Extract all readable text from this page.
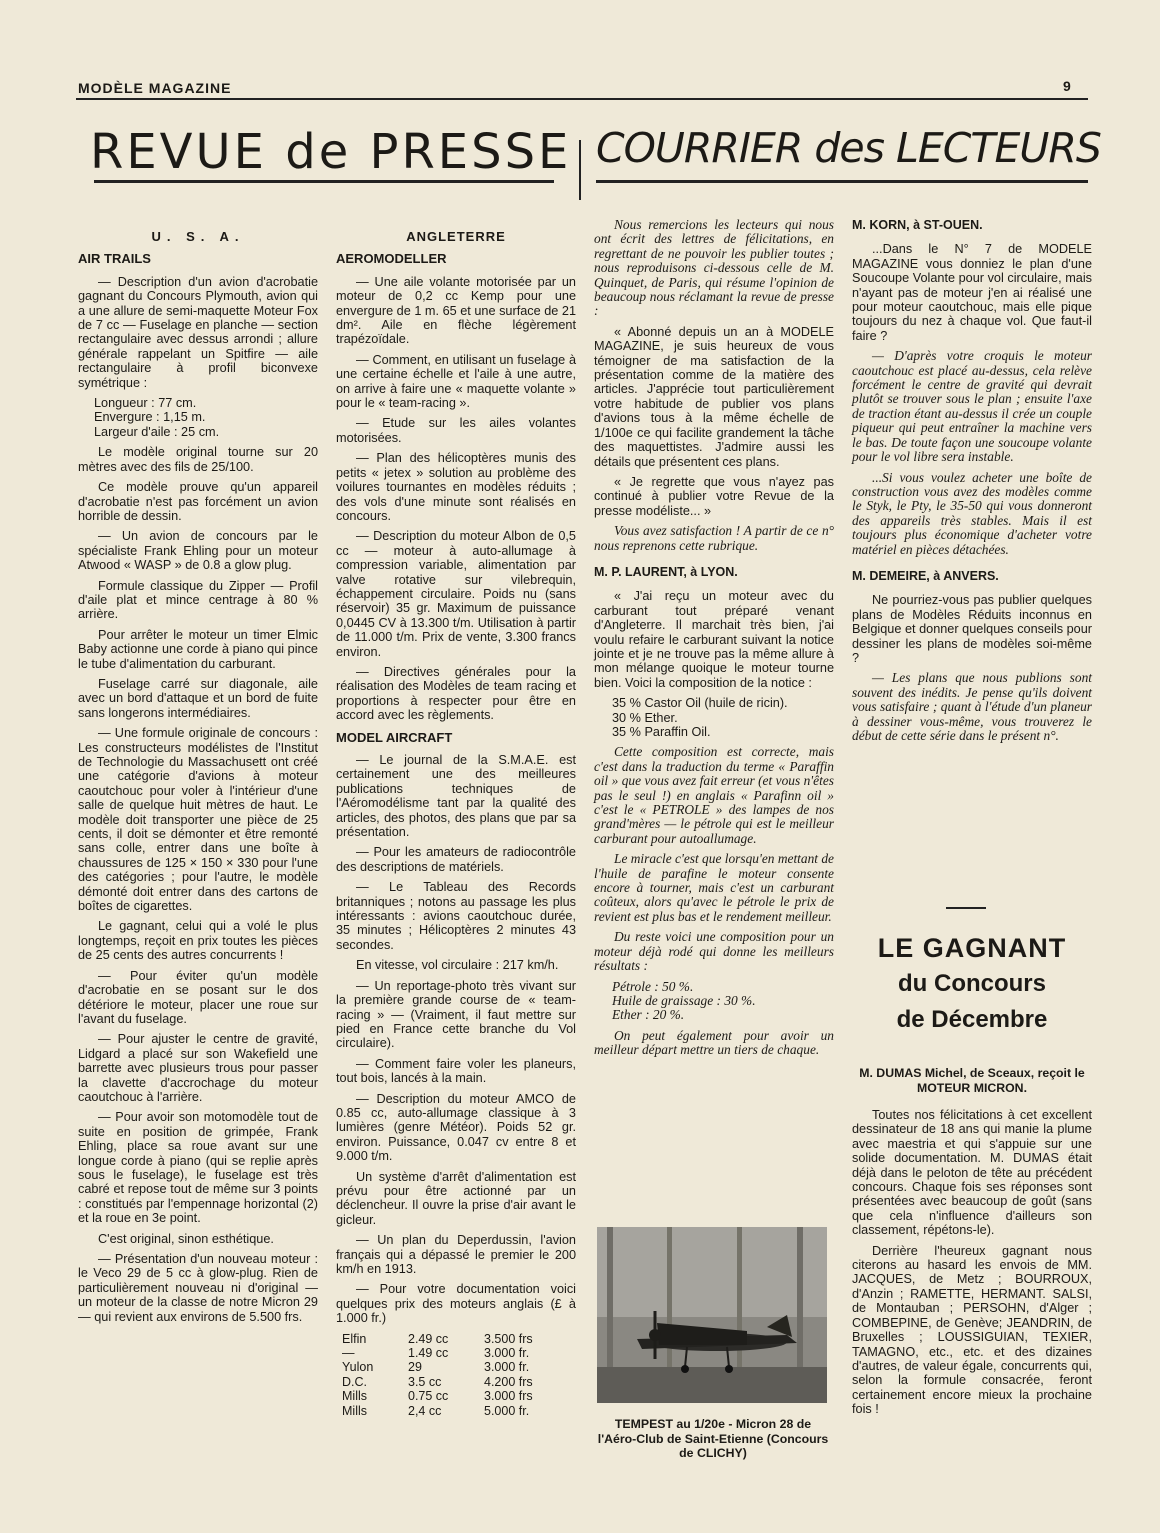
MODÈLE MAGAZINE	9
REVUE de PRESSE COURRIER des LECTEURS
U. S. A.
AIR TRAILS

— Description d'un avion d'acrobatie gagnant du Concours Plymouth, avion qui a une allure de semi-maquette Moteur Fox de 7 cc — Fuselage en planche — section rectangulaire avec dessus arrondi ; allure générale rappelant un Spitfire — aile rectangulaire à profil biconvexe symétrique :

Longueur : 77 cm.
Envergure : 1,15 m.
Largeur d'aile : 25 cm.

Le modèle original tourne sur 20 mètres avec des fils de 25/100.

Ce modèle prouve qu'un appareil d'acrobatie n'est pas forcément un avion horrible de dessin.

— Un avion de concours par le spécialiste Frank Ehling pour un moteur Atwood « WASP » de 0.8 a glow plug.

Formule classique du Zipper — Profil d'aile plat et mince centrage à 80 % arrière.

Pour arrêter le moteur un timer Elmic Baby actionne une corde à piano qui pince le tube d'alimentation du carburant.

Fuselage carré sur diagonale, aile avec un bord d'attaque et un bord de fuite sans longerons intermédiaires.

— Une formule originale de concours : Les constructeurs modélistes de l'Institut de Technologie du Massachusett ont créé une catégorie d'avions à moteur caoutchouc pour voler à l'intérieur d'une salle de quelque huit mètres de haut. Le modèle doit transporter une pièce de 25 cents, il doit se démonter et être remonté sans colle, entrer dans une boîte à chaussures de 125 × 150 × 330 pour l'une des catégories ; pour l'autre, le modèle démonté doit entrer dans des cartons de boîtes de cigarettes.

Le gagnant, celui qui a volé le plus longtemps, reçoit en prix toutes les pièces de 25 cents des autres concurrents !

— Pour éviter qu'un modèle d'acrobatie en se posant sur le dos détériore le moteur, placer une roue sur l'avant du fuselage.

— Pour ajuster le centre de gravité, Lidgard a placé sur son Wakefield une barrette avec plusieurs trous pour passer la clavette d'accrochage du moteur caoutchouc à l'arrière.

— Pour avoir son motomodèle tout de suite en position de grimpée, Frank Ehling, place sa roue avant sur une longue corde à piano (qui se replie après sous le fuselage), le fuselage est très cabré et repose tout de même sur 3 points : constitués par l'empennage horizontal (2) et la roue en 3e point.

C'est original, sinon esthétique.

— Présentation d'un nouveau moteur : le Veco 29 de 5 cc à glow-plug. Rien de particulièrement nouveau ni d'original — un moteur de la classe de notre Micron 29 — qui revient aux environs de 5.500 frs.

ANGLETERRE
AEROMODELLER

— Une aile volante motorisée par un moteur de 0,2 cc Kemp pour une envergure de 1 m. 65 et une surface de 21 dm². Aile en flèche légèrement trapézoïdale.

— Comment, en utilisant un fuselage à une certaine échelle et l'aile à une autre, on arrive à faire une « maquette volante » pour le « team-racing ».

— Etude sur les ailes volantes motorisées.

— Plan des hélicoptères munis des petits « jetex » solution au problème des voilures tournantes en modèles réduits ; des vols d'une minute sont réalisés en concours.

— Description du moteur Albon de 0,5 cc — moteur à auto-allumage à compression variable, alimentation par valve rotative sur vilebrequin, échappement circulaire. Poids nu (sans réservoir) 35 gr. Maximum de puissance 0,0445 CV à 13.300 t/m. Utilisation à partir de 11.000 t/m. Prix de vente, 3.300 francs environ.

— Directives générales pour la réalisation des Modèles de team racing et proportions à respecter pour être en accord avec les règlements.

MODEL AIRCRAFT

— Le journal de la S.M.A.E. est certainement une des meilleures publications techniques de l'Aéromodélisme tant par la qualité des articles, des photos, des plans que par sa présentation.

— Pour les amateurs de radiocontrôle des descriptions de matériels.

— Le Tableau des Records britanniques ; notons au passage les plus intéressants : avions caoutchouc durée, 35 minutes ; Hélicoptères 2 minutes 43 secondes.

En vitesse, vol circulaire : 217 km/h.

— Un reportage-photo très vivant sur la première grande course de « team-racing » — (Vraiment, il faut mettre sur pied en France cette branche du Vol circulaire).

— Comment faire voler les planeurs, tout bois, lancés à la main.

— Description du moteur AMCO de 0.85 cc, auto-allumage classique à 3 lumières (genre Météor). Poids 52 gr. environ. Puissance, 0.047 cv entre 8 et 9.000 t/m.

Un système d'arrêt d'alimentation est prévu pour être actionné par un déclencheur. Il ouvre la prise d'air avant le gicleur.

— Un plan du Deperdussin, l'avion français qui a dépassé le premier le 200 km/h en 1913.

— Pour votre documentation voici quelques prix des moteurs anglais (£ à 1.000 fr.)

Elfin	2.49 cc	3.500 frs
—	1.49 cc	3.000 fr.
Yulon	29	3.000 fr.
D.C.	3.5 cc	4.200 frs
Mills	0.75 cc	3.000 frs
Mills	2,4 cc	5.000 fr.

Nous remercions les lecteurs qui nous ont écrit des lettres de félicitations, en regrettant de ne pouvoir les publier toutes ; nous reproduisons ci-dessous celle de M. Quinquet, de Paris, qui résume l'opinion de beaucoup nous réclamant la revue de presse :

« Abonné depuis un an à MODELE MAGAZINE, je suis heureux de vous témoigner de ma satisfaction de la présentation comme de la matière des articles. J'apprécie tout particulièrement votre habitude de publier vos plans d'avions tous à la même échelle de 1/100e ce qui facilite grandement la tâche des maquettistes. J'admire aussi les détails que présentent ces plans.

« Je regrette que vous n'ayez pas continué à publier votre Revue de la presse modéliste... »

Vous avez satisfaction ! A partir de ce n° nous reprenons cette rubrique.

M. P. LAURENT, à LYON.

« J'ai reçu un moteur avec du carburant tout préparé venant d'Angleterre. Il marchait très bien, j'ai voulu refaire le carburant suivant la notice jointe et je ne trouve pas la même allure à mon mélange quoique le moteur tourne bien. Voici la composition de la notice :

35 % Castor Oil (huile de ricin).
30 % Ether.
35 % Paraffin Oil.

Cette composition est correcte, mais c'est dans la traduction du terme « Paraffin oil » que vous avez fait erreur (et vous n'êtes pas le seul !) en anglais « Parafinn oil » c'est le « PETROLE » des lampes de nos grand'mères — le pétrole qui est le meilleur carburant pour autoallumage.

Le miracle c'est que lorsqu'en mettant de l'huile de parafine le moteur consente encore à tourner, mais c'est un carburant coûteux, alors qu'avec le pétrole le prix de revient est plus bas et le rendement meilleur.

Du reste voici une composition pour un moteur déjà rodé qui donne les meilleurs résultats :

Pétrole : 50 %.
Huile de graissage : 30 %.
Ether : 20 %.

On peut également pour avoir un meilleur départ mettre un tiers de chaque.

TEMPEST au 1/20e - Micron 28 de l'Aéro-Club de Saint-Etienne (Concours de CLICHY)
M. KORN, à ST-OUEN.

...Dans le N° 7 de MODELE MAGAZINE vous donniez le plan d'une Soucoupe Volante pour vol circulaire, mais n'ayant pas de moteur j'en ai réalisé une pour moteur caoutchouc, mais elle pique toujours du nez à chaque vol. Que faut-il faire ?

— D'après votre croquis le moteur caoutchouc est placé au-dessus, cela relève forcément le centre de gravité qui devrait plutôt se trouver sous le plan ; ensuite l'axe de traction étant au-dessus il crée un couple piqueur qui peut entraîner la machine vers le bas. De toute façon une soucoupe volante pour le vol libre sera instable.

...Si vous voulez acheter une boîte de construction vous avez des modèles comme le Styk, le Pty, le 35-50 qui vous donneront des appareils très stables. Mais il est toujours plus économique d'acheter votre matériel en pièces détachées.

M. DEMEIRE, à ANVERS.

Ne pourriez-vous pas publier quelques plans de Modèles Réduits inconnus en Belgique et donner quelques conseils pour dessiner les plans de modèles soi-même ?

— Les plans que nous publions sont souvent des inédits. Je pense qu'ils doivent vous satisfaire ; quant à l'étude d'un planeur à dessiner vous-même, vous trouverez le début de cette série dans le présent n°.

LE GAGNANT
du Concours
de Décembre
M. DUMAS Michel, de Sceaux, reçoit le MOTEUR MICRON.

Toutes nos félicitations à cet excellent dessinateur de 18 ans qui manie la plume avec maestria et qui s'appuie sur une solide documentation. M. DUMAS était déjà dans le peloton de tête au précédent concours. Chaque fois ses réponses sont présentées avec beaucoup de goût (sans que cela n'influence d'ailleurs son classement, répétons-le).

Derrière l'heureux gagnant nous citerons au hasard les envois de MM. JACQUES, de Metz ; BOURROUX, d'Anzin ; RAMETTE, HERMANT. SALSI, de Montauban ; PERSOHN, d'Alger ; COMBEPINE, de Genève; JEANDRIN, de Bruxelles ; LOUSSIGUIAN, TEXIER, TAMAGNO, etc., etc. et des dizaines d'autres, de valeur égale, concurrents qui, selon la formule consacrée, feront certainement encore mieux la prochaine fois !
